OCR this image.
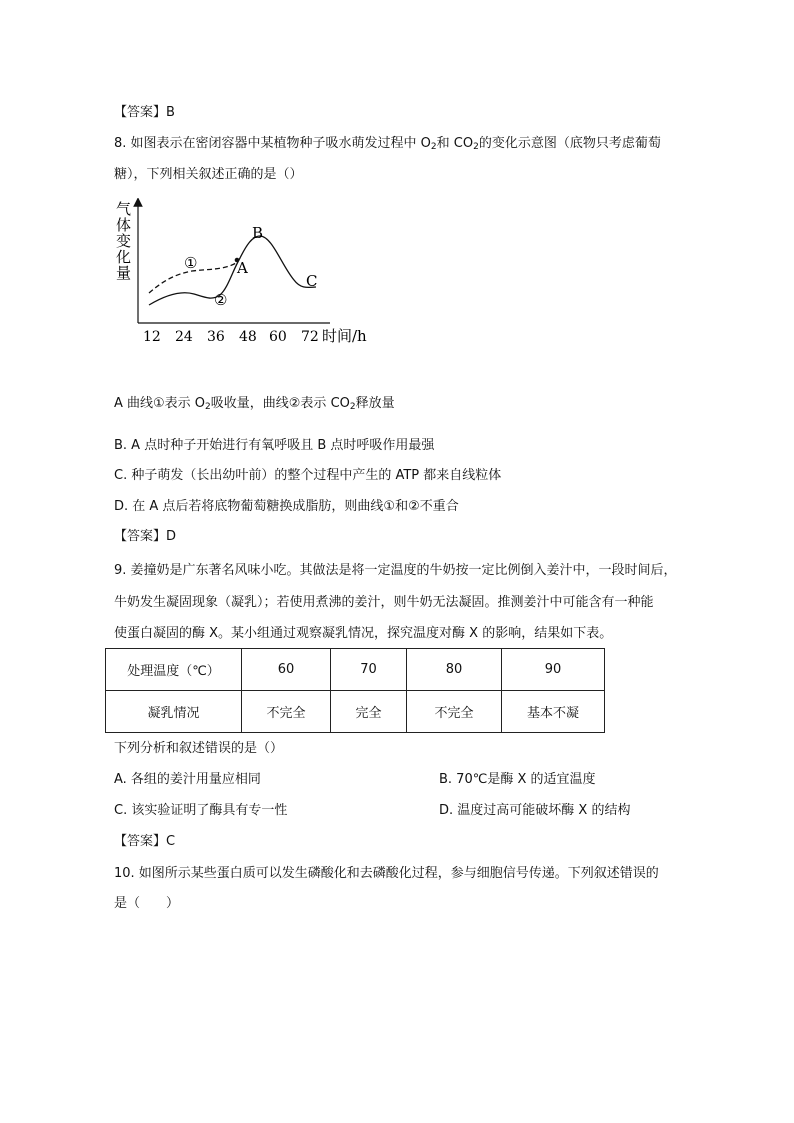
【答案】B
8. 如图表示在密闭容器中某植物种子吸水萌发过程中 $O_2$和 $CO_2$的变化示意图（底物只考虑葡萄
糖），下列相关叙述正确的是（）
气
体
变
化
量
12 24 36 48 60 72 时间/h
A
B
C
①
②
A 曲线①表示 $O_2$吸收量，曲线②表示 $CO_2$释放量
B. A 点时种子开始进行有氧呼吸且 B 点时呼吸作用最强
C. 种子萌发（长出幼叶前）的整个过程中产生的 ATP 都来自线粒体
D. 在 A 点后若将底物葡萄糖换成脂肪，则曲线①和②不重合
【答案】D
9. 姜撞奶是广东著名风味小吃。其做法是将一定温度的牛奶按一定比例倒入姜汁中，一段时间后，
牛奶发生凝固现象（凝乳）；若使用煮沸的姜汁，则牛奶无法凝固。推测姜汁中可能含有一种能
使蛋白凝固的酶 X。某小组通过观察凝乳情况，探究温度对酶 X 的影响，结果如下表。
处理温度（℃）	60	70	80	90
凝乳情况	不完全	完全	不完全	基本不凝
下列分析和叙述错误的是（）
A. 各组的姜汁用量应相同	B. 70℃是酶 X 的适宜温度
C. 该实验证明了酶具有专一性	D. 温度过高可能破坏酶 X 的结构
【答案】C
10. 如图所示某些蛋白质可以发生磷酸化和去磷酸化过程，参与细胞信号传递。下列叙述错误的
是（　　）
